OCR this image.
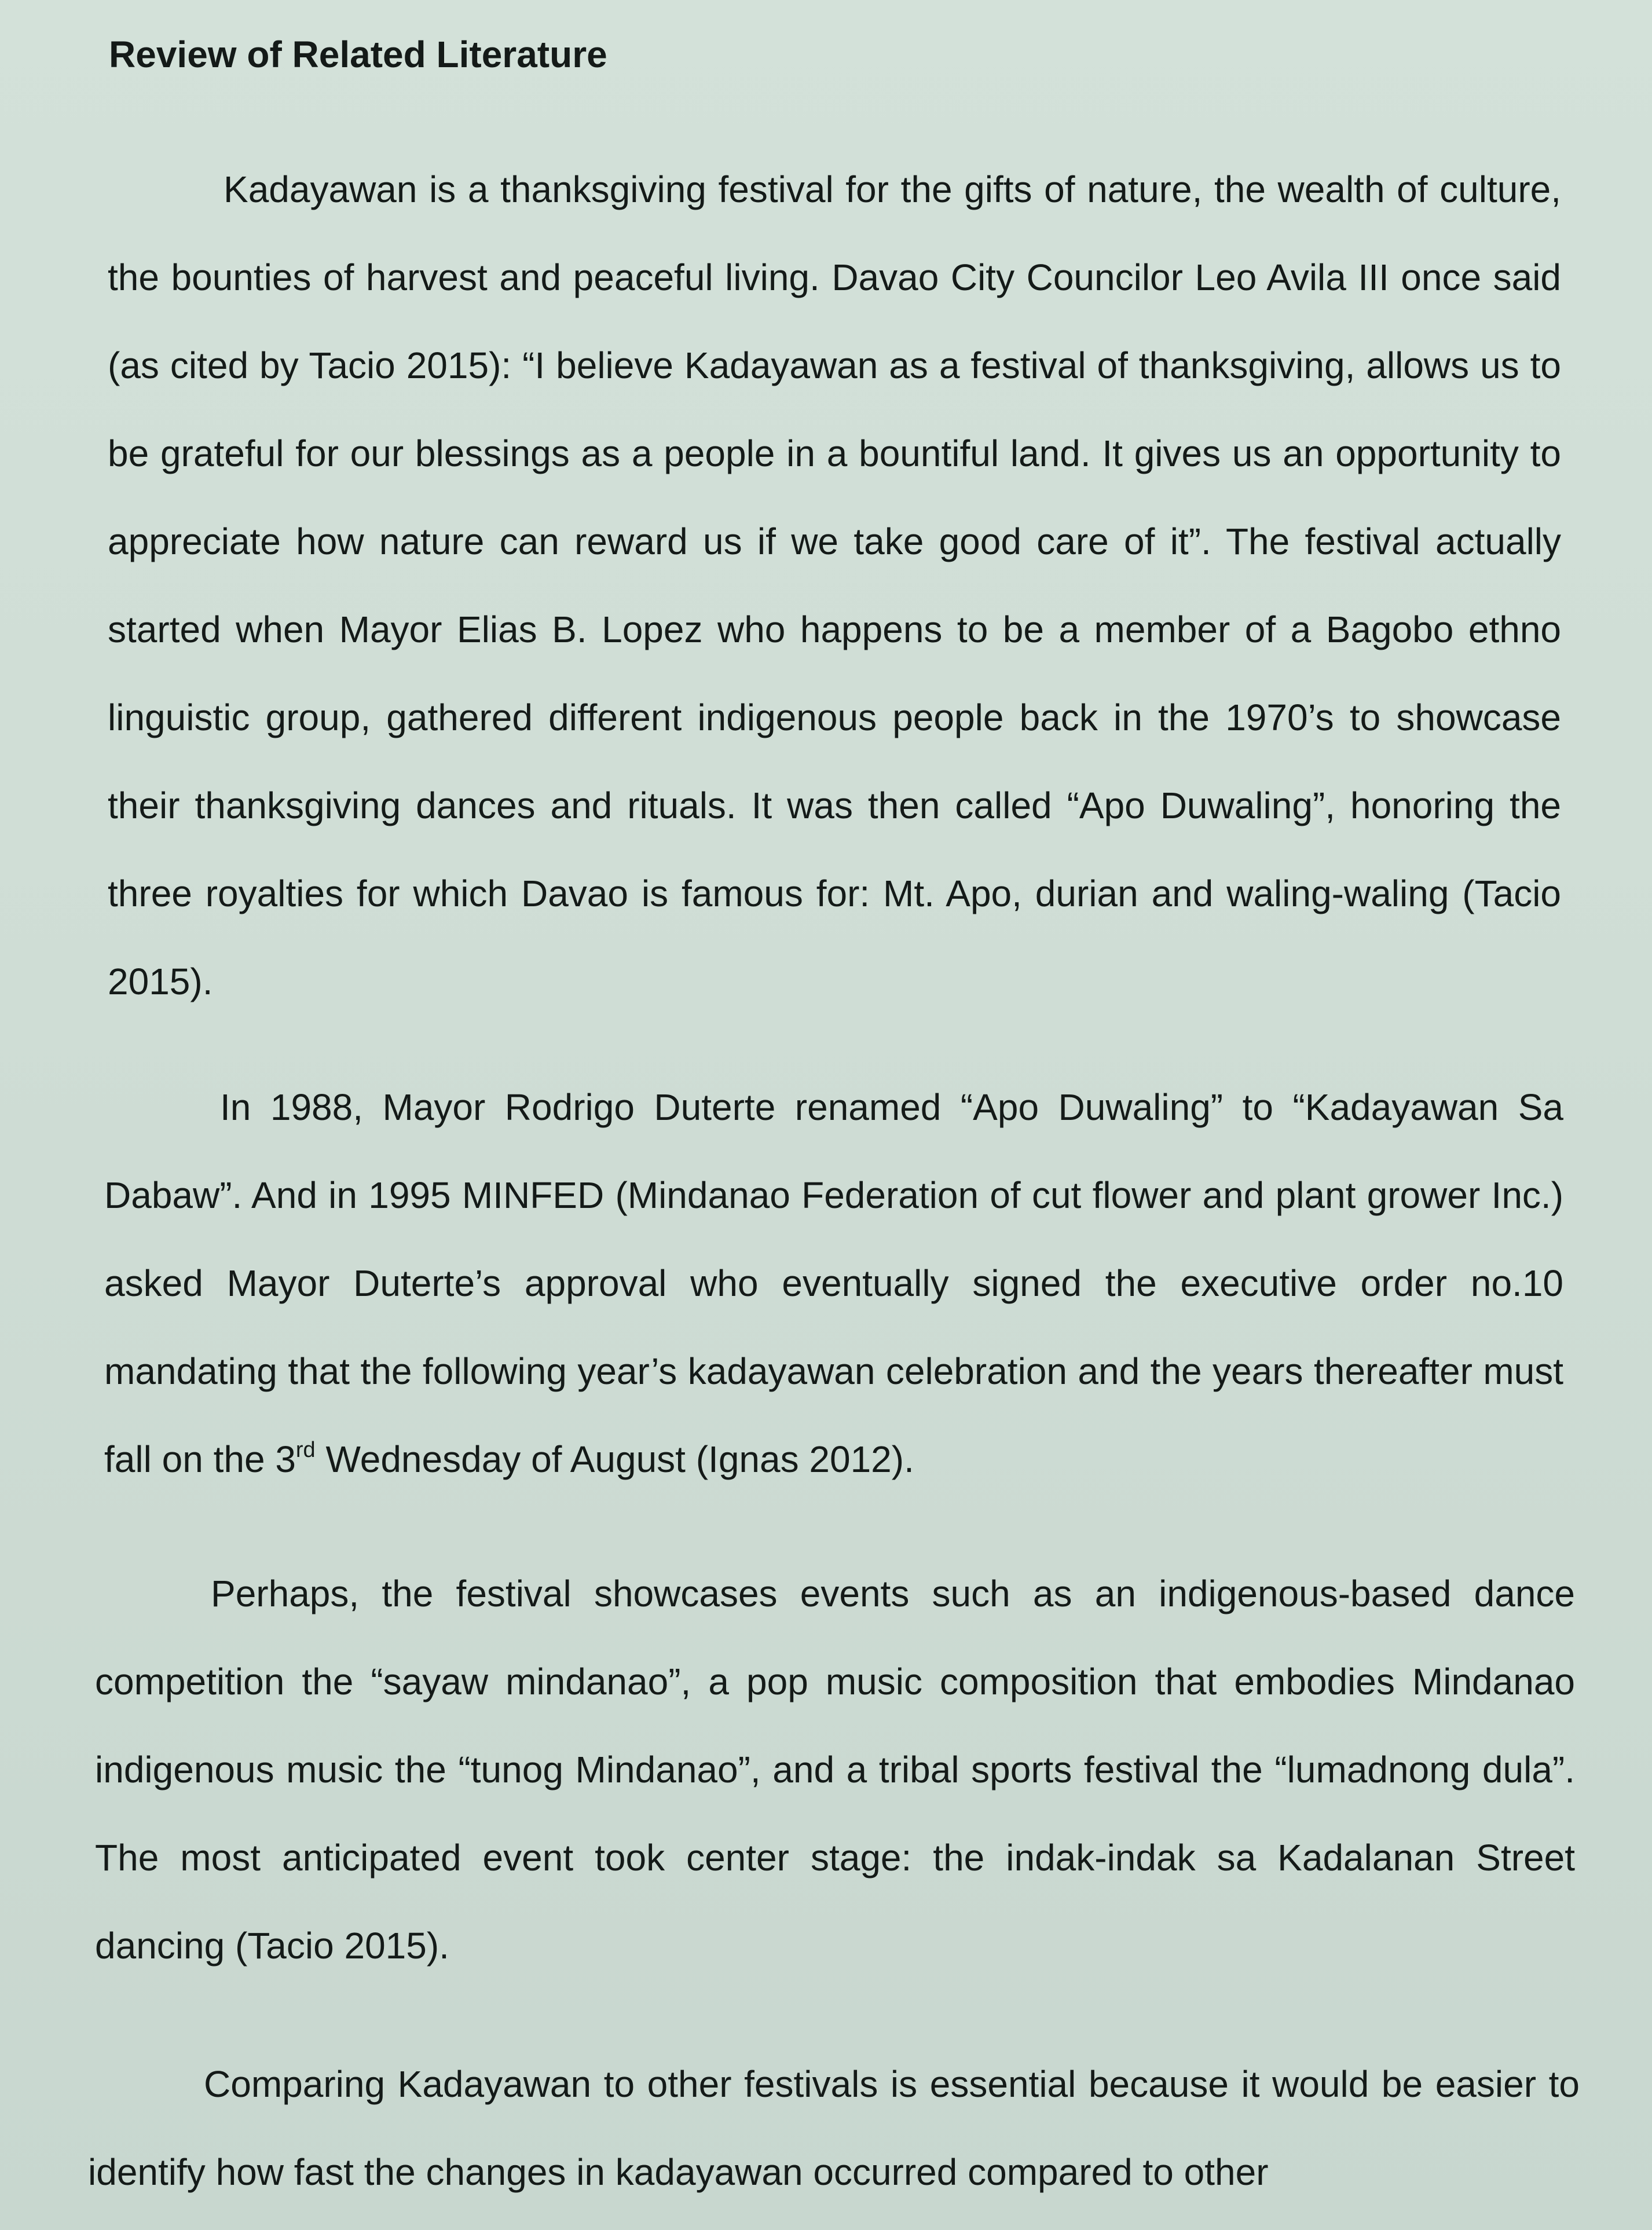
Review of Related Literature

Kadayawan is a thanksgiving festival for the gifts of nature, the wealth of culture, the bounties of harvest and peaceful living. Davao City Councilor Leo Avila III once said (as cited by Tacio 2015): “I believe Kadayawan as a festival of thanksgiving, allows us to be grateful for our blessings as a people in a bountiful land. It gives us an opportunity to appreciate how nature can reward us if we take good care of it”. The festival actually started when Mayor Elias B. Lopez who happens to be a member of a Bagobo ethno linguistic group, gathered different indigenous people back in the 1970’s to showcase their thanksgiving dances and rituals. It was then called “Apo Duwaling”, honoring the three royalties for which Davao is famous for: Mt. Apo, durian and waling-waling (Tacio 2015).

In 1988, Mayor Rodrigo Duterte renamed “Apo Duwaling” to “Kadayawan Sa Dabaw”. And in 1995 MINFED (Mindanao Federation of cut flower and plant grower Inc.) asked Mayor Duterte’s approval who eventually signed the executive order no.10 mandating that the following year’s kadayawan celebration and the years thereafter must fall on the 3rd Wednesday of August (Ignas 2012).

Perhaps, the festival showcases events such as an indigenous-based dance competition the “sayaw mindanao”, a pop music composition that embodies Mindanao indigenous music the “tunog Mindanao”, and a tribal sports festival the “lumadnong dula”. The most anticipated event took center stage: the indak-indak sa Kadalanan Street dancing (Tacio 2015).

Comparing Kadayawan to other festivals is essential because it would be easier to identify how fast the changes in kadayawan occurred compared to other
